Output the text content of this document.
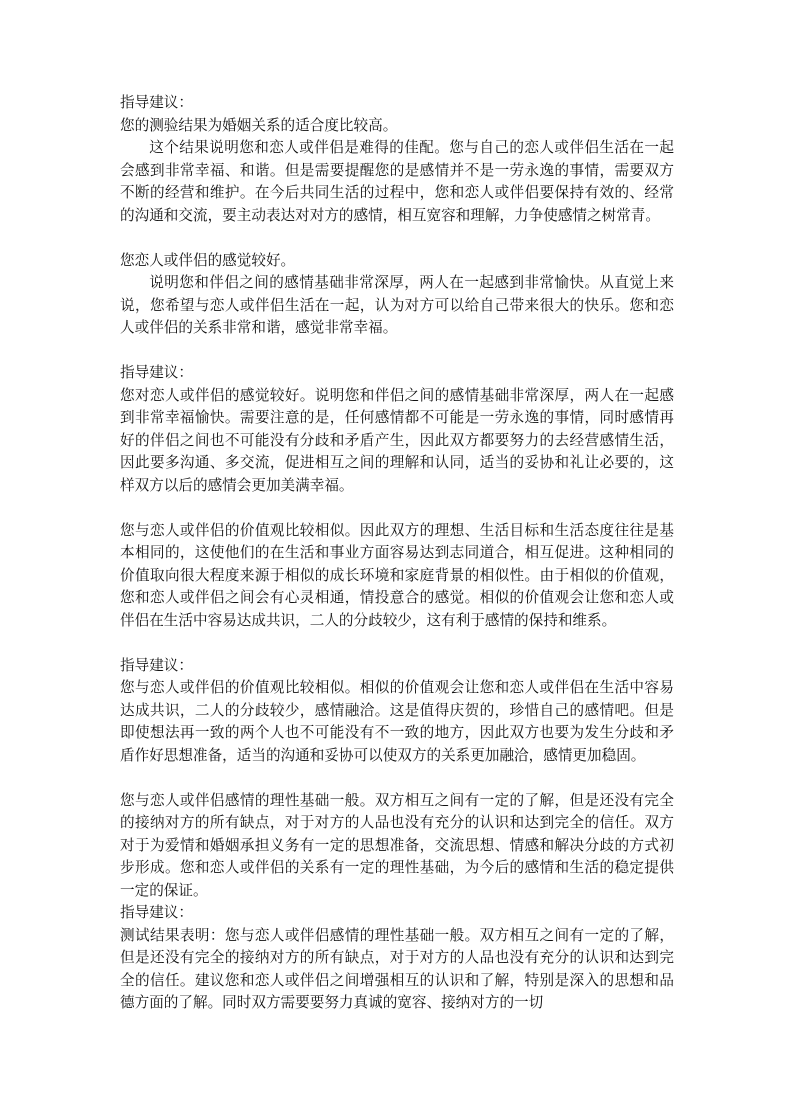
指导建议：

您的测验结果为婚姻关系的适合度比较高。

这个结果说明您和恋人或伴侣是难得的佳配。您与自己的恋人或伴侣生活在一起会感到非常幸福、和谐。但是需要提醒您的是感情并不是一劳永逸的事情，需要双方不断的经营和维护。在今后共同生活的过程中，您和恋人或伴侣要保持有效的、经常的沟通和交流，要主动表达对对方的感情，相互宽容和理解，力争使感情之树常青。

您恋人或伴侣的感觉较好。

说明您和伴侣之间的感情基础非常深厚，两人在一起感到非常愉快。从直觉上来说，您希望与恋人或伴侣生活在一起，认为对方可以给自己带来很大的快乐。您和恋人或伴侣的关系非常和谐，感觉非常幸福。

指导建议：

您对恋人或伴侣的感觉较好。说明您和伴侣之间的感情基础非常深厚，两人在一起感到非常幸福愉快。需要注意的是，任何感情都不可能是一劳永逸的事情，同时感情再好的伴侣之间也不可能没有分歧和矛盾产生，因此双方都要努力的去经营感情生活，因此要多沟通、多交流，促进相互之间的理解和认同，适当的妥协和礼让必要的，这样双方以后的感情会更加美满幸福。

您与恋人或伴侣的价值观比较相似。因此双方的理想、生活目标和生活态度往往是基本相同的，这使他们的在生活和事业方面容易达到志同道合，相互促进。这种相同的价值取向很大程度来源于相似的成长环境和家庭背景的相似性。由于相似的价值观，您和恋人或伴侣之间会有心灵相通，情投意合的感觉。相似的价值观会让您和恋人或伴侣在生活中容易达成共识，二人的分歧较少，这有利于感情的保持和维系。

指导建议：

您与恋人或伴侣的价值观比较相似。相似的价值观会让您和恋人或伴侣在生活中容易达成共识，二人的分歧较少，感情融洽。这是值得庆贺的，珍惜自己的感情吧。但是即使想法再一致的两个人也不可能没有不一致的地方，因此双方也要为发生分歧和矛盾作好思想准备，适当的沟通和妥协可以使双方的关系更加融洽，感情更加稳固。

您与恋人或伴侣感情的理性基础一般。双方相互之间有一定的了解，但是还没有完全的接纳对方的所有缺点，对于对方的人品也没有充分的认识和达到完全的信任。双方对于为爱情和婚姻承担义务有一定的思想准备，交流思想、情感和解决分歧的方式初步形成。您和恋人或伴侣的关系有一定的理性基础，为今后的感情和生活的稳定提供一定的保证。

指导建议：

测试结果表明：您与恋人或伴侣感情的理性基础一般。双方相互之间有一定的了解，但是还没有完全的接纳对方的所有缺点，对于对方的人品也没有充分的认识和达到完全的信任。建议您和恋人或伴侣之间增强相互的认识和了解，特别是深入的思想和品德方面的了解。同时双方需要要努力真诚的宽容、接纳对方的一切
